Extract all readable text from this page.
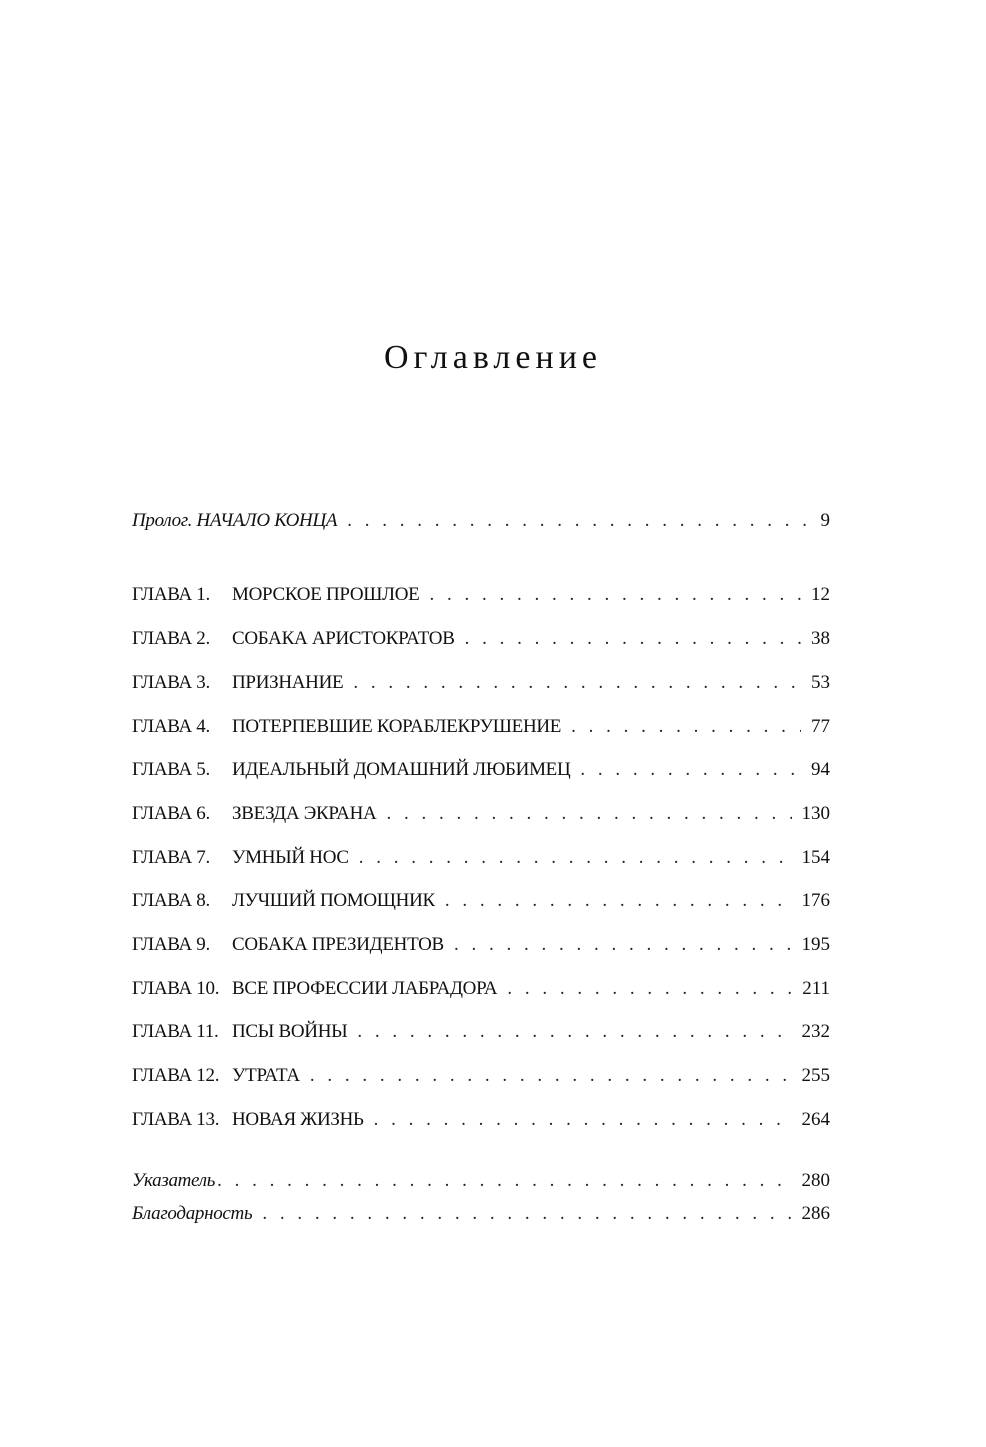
Оглавление
Пролог. НАЧАЛО КОНЦА . . .	9
ГЛАВА 1.	МОРСКОЕ ПРОШЛОЕ . . .	12
ГЛАВА 2.	СОБАКА АРИСТОКРАТОВ . . .	38
ГЛАВА 3.	ПРИЗНАНИЕ . . .	53
ГЛАВА 4.	ПОТЕРПЕВШИЕ КОРАБЛЕКРУШЕНИЕ . . .	77
ГЛАВА 5.	ИДЕАЛЬНЫЙ ДОМАШНИЙ ЛЮБИМЕЦ . . .	94
ГЛАВА 6.	ЗВЕЗДА ЭКРАНА . . .	130
ГЛАВА 7.	УМНЫЙ НОС . . .	154
ГЛАВА 8.	ЛУЧШИЙ ПОМОЩНИК . . .	176
ГЛАВА 9.	СОБАКА ПРЕЗИДЕНТОВ . . .	195
ГЛАВА 10. ВСЕ ПРОФЕССИИ ЛАБРАДОРА . . .	211
ГЛАВА 11. ПСЫ ВОЙНЫ . . .	232
ГЛАВА 12. УТРАТА . . .	255
ГЛАВА 13. НОВАЯ ЖИЗНЬ . . .	264
Указатель . . .	280
Благодарность . . .	286
